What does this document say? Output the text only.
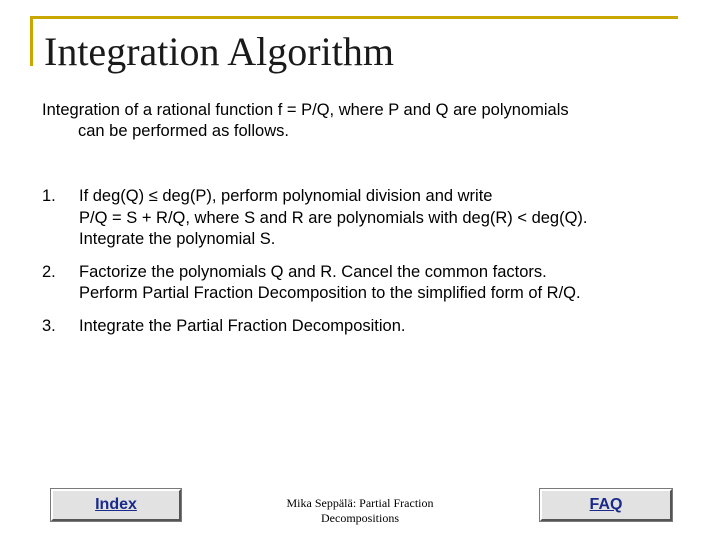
Integration Algorithm

Integration of a rational function f = P/Q, where P and Q are polynomials
can be performed as follows.

1. If deg(Q) ≤ deg(P), perform polynomial division and write
P/Q = S + R/Q, where S and R are polynomials with deg(R) < deg(Q).
Integrate the polynomial S.
2. Factorize the polynomials Q and R. Cancel the common factors.
Perform Partial Fraction Decomposition to the simplified form of R/Q.
3. Integrate the Partial Fraction Decomposition.
Index	Mika Seppälä: Partial Fraction
Decompositions
FAQ
